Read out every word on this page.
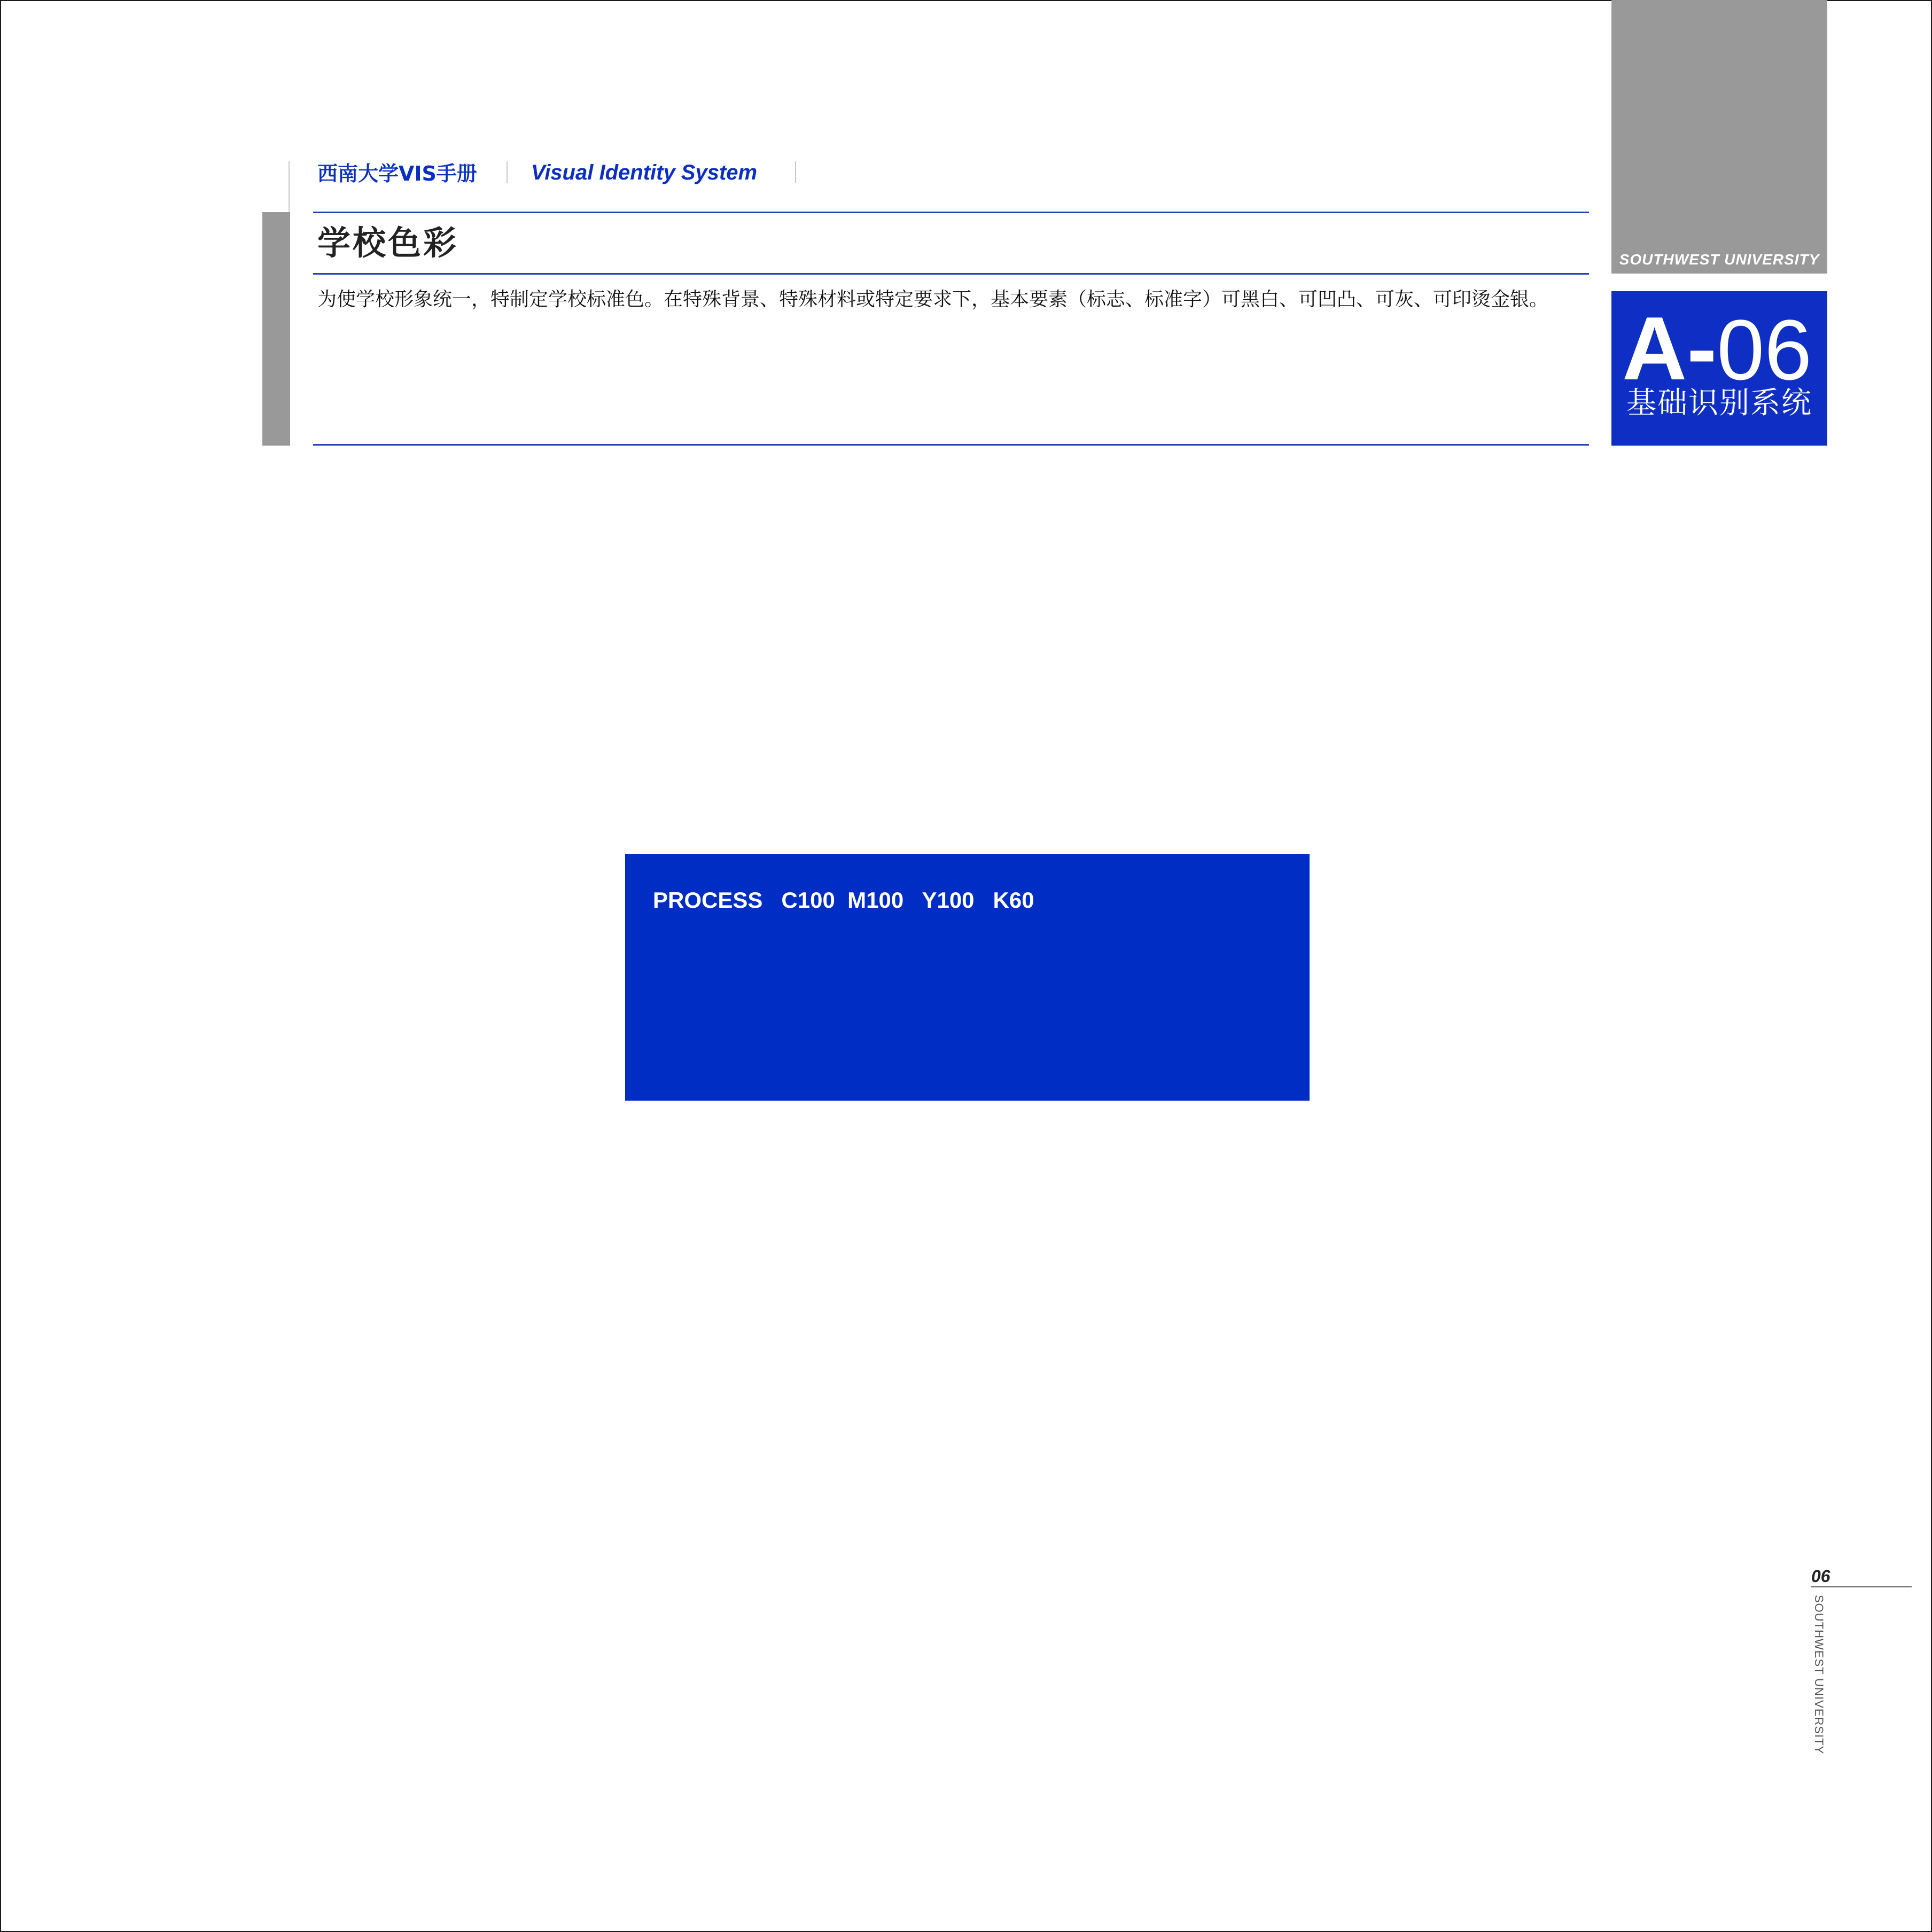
西南大学VIS手册	Visual Identity System
学校色彩
为使学校形象统一，特制定学校标准色。在特殊背景、特殊材料或特定要求下，基本要素（标志、标准字）可黑白、可凹凸、可灰、可印烫金银。
SOUTHWEST UNIVERSITY
A-06
基础识别系统
PROCESS   C100  M100   Y100   K60
06
SOUTHWEST UNIVERSITY
